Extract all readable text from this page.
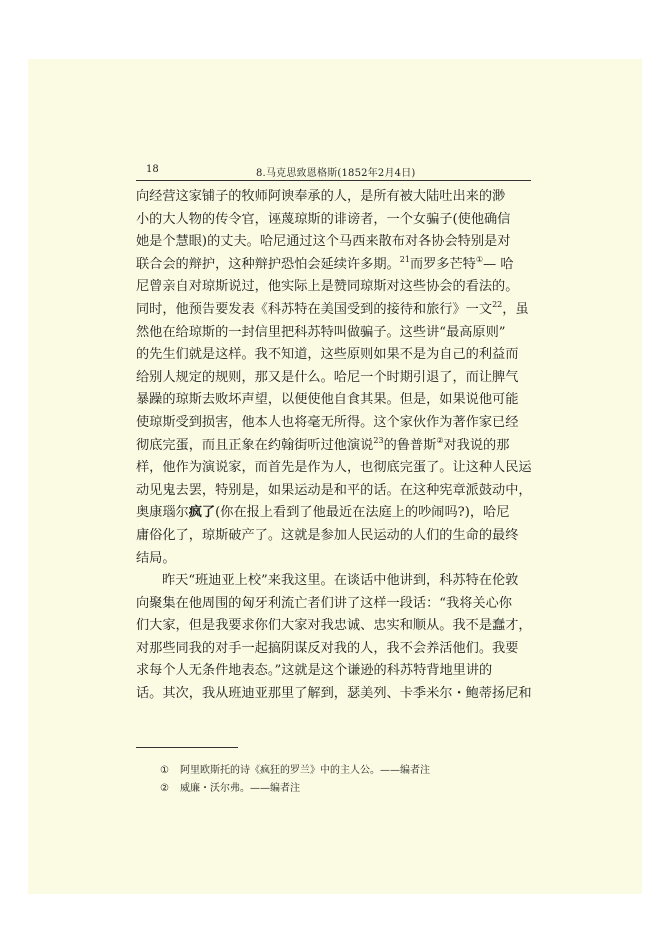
18	8.马克思致恩格斯(1852年2月4日)
向经营这家铺子的牧师阿谀奉承的人，是所有被大陆吐出来的渺
小的大人物的传令官，诬蔑琼斯的诽谤者，一个女骗子(使他确信
她是个慧眼)的丈夫。哈尼通过这个马西来散布对各协会特别是对
联合会的辩护，这种辩护恐怕会延续许多期。$^{21}$而罗多芒特①— 哈
尼曾亲自对琼斯说过，他实际上是赞同琼斯对这些协会的看法的。
同时，他预告要发表《科苏特在美国受到的接待和旅行》一文$^{22}$，虽
然他在给琼斯的一封信里把科苏特叫做骗子。这些讲“最高原则”
的先生们就是这样。我不知道，这些原则如果不是为自己的利益而
给别人规定的规则，那又是什么。哈尼一个时期引退了，而让脾气
暴躁的琼斯去败坏声望，以便使他自食其果。但是，如果说他可能
使琼斯受到损害，他本人也将毫无所得。这个家伙作为著作家已经
彻底完蛋，而且正象在约翰街听过他演说$^{23}$的鲁普斯②对我说的那
样，他作为演说家，而首先是作为人，也彻底完蛋了。让这种人民运
动见鬼去罢，特别是，如果运动是和平的话。在这种宪章派鼓动中，
奥康瑙尔疯了(你在报上看到了他最近在法庭上的吵闹吗?)，哈尼
庸俗化了，琼斯破产了。这就是参加人民运动的人们的生命的最终
结局。
昨天“班迪亚上校”来我这里。在谈话中他讲到，科苏特在伦敦
向聚集在他周围的匈牙利流亡者们讲了这样一段话：“我将关心你
们大家，但是我要求你们大家对我忠诚、忠实和顺从。我不是蠢才，
对那些同我的对手一起搞阴谋反对我的人，我不会养活他们。我要
求每个人无条件地表态。”这就是这个谦逊的科苏特背地里讲的
话。其次，我从班迪亚那里了解到，瑟美列、卡季米尔・鲍蒂扬尼和
① 阿里欧斯托的诗《疯狂的罗兰》中的主人公。——编者注
② 威廉・沃尔弗。——编者注
